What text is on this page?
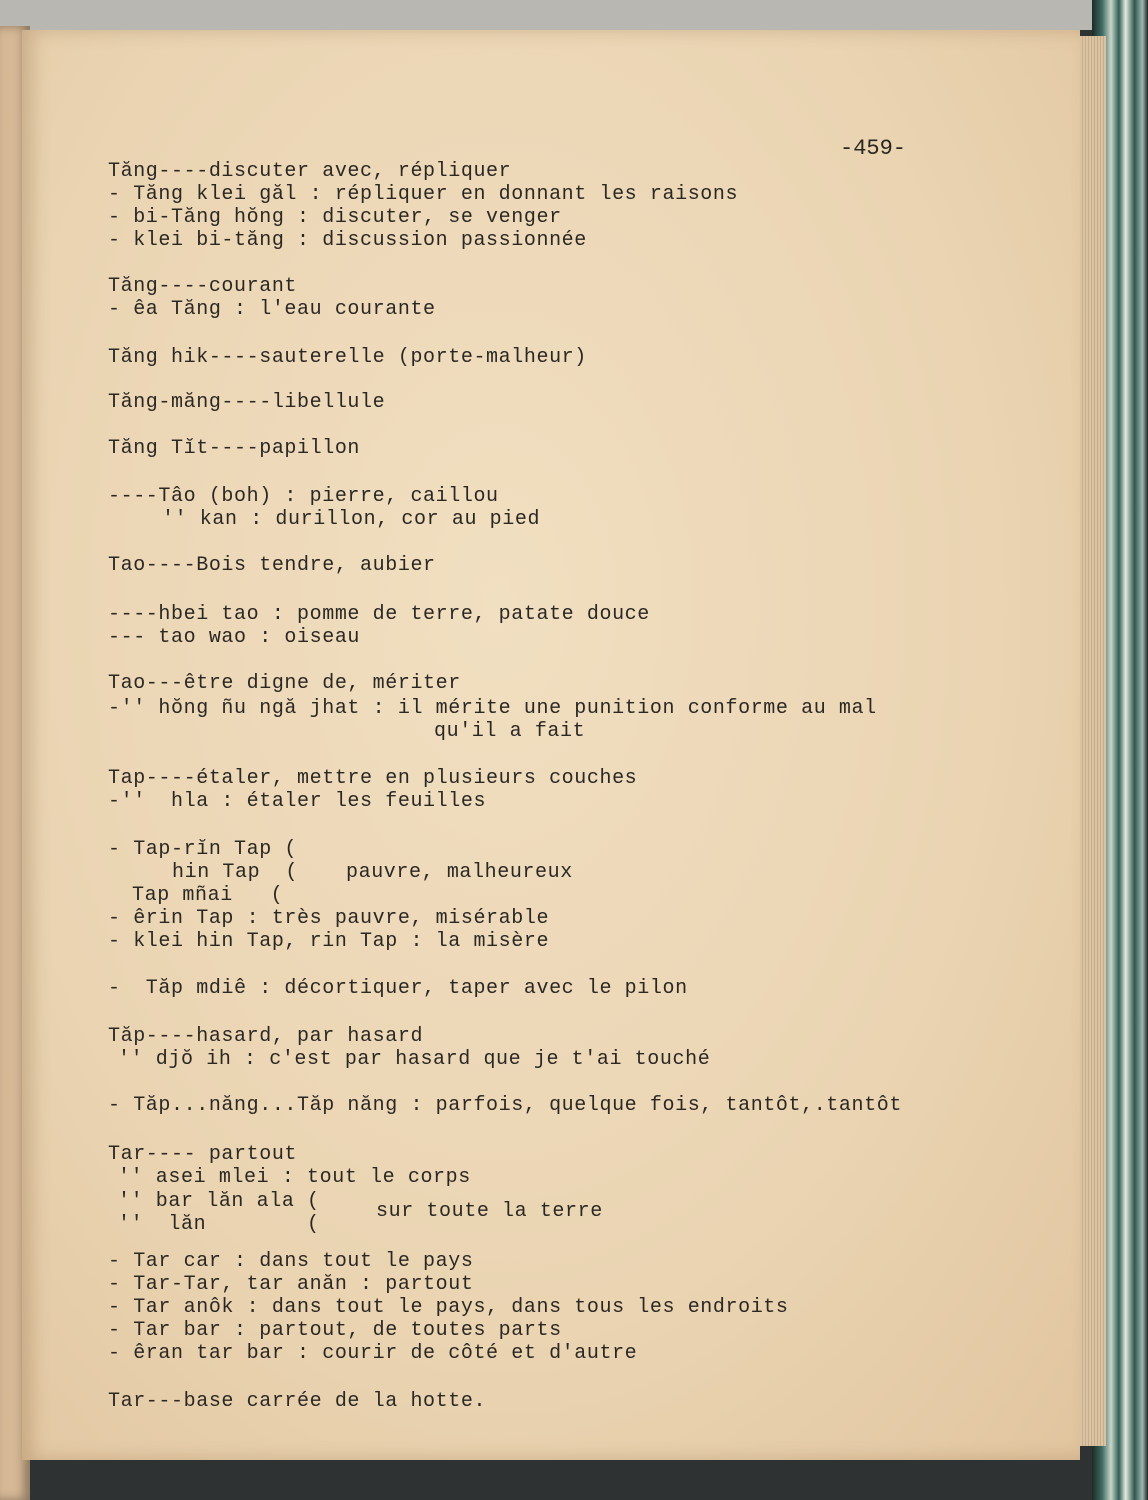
-459-
Tăng----discuter avec, répliquer
- Tăng klei găl : répliquer en donnant les raisons
- bi-Tăng hŏng : discuter, se venger
- klei bi-tăng : discussion passionnée
Tăng----courant
- êa Tăng : l'eau courante
Tăng hik----sauterelle (porte-malheur)
Tăng-măng----libellule
Tăng Tĭt----papillon
----Tâo (boh) : pierre, caillou
'' kan : durillon, cor au pied
Tao----Bois tendre, aubier
----hbei tao : pomme de terre, patate douce
--- tao wao : oiseau
Tao---être digne de, mériter
-'' hŏng ñu ngă jhat : il mérite une punition conforme au mal
qu'il a fait
Tap----étaler, mettre en plusieurs couches
-''  hla : étaler les feuilles
- Tap-rĭn Tap (
hin Tap  (
Tap mñai   (
pauvre, malheureux
- êrin Tap : très pauvre, misérable
- klei hin Tap, rin Tap : la misère
-  Tăp mdiê : décortiquer, taper avec le pilon
Tăp----hasard, par hasard
'' djŏ ih : c'est par hasard que je t'ai touché
- Tăp...năng...Tăp năng : parfois, quelque fois, tantôt,.tantôt
Tar---- partout
'' asei mlei : tout le corps
'' bar lăn ala (
''  lăn        (
sur toute la terre
- Tar car : dans tout le pays
- Tar-Tar, tar anăn : partout
- Tar anôk : dans tout le pays, dans tous les endroits
- Tar bar : partout, de toutes parts
- êran tar bar : courir de côté et d'autre
Tar---base carrée de la hotte.
